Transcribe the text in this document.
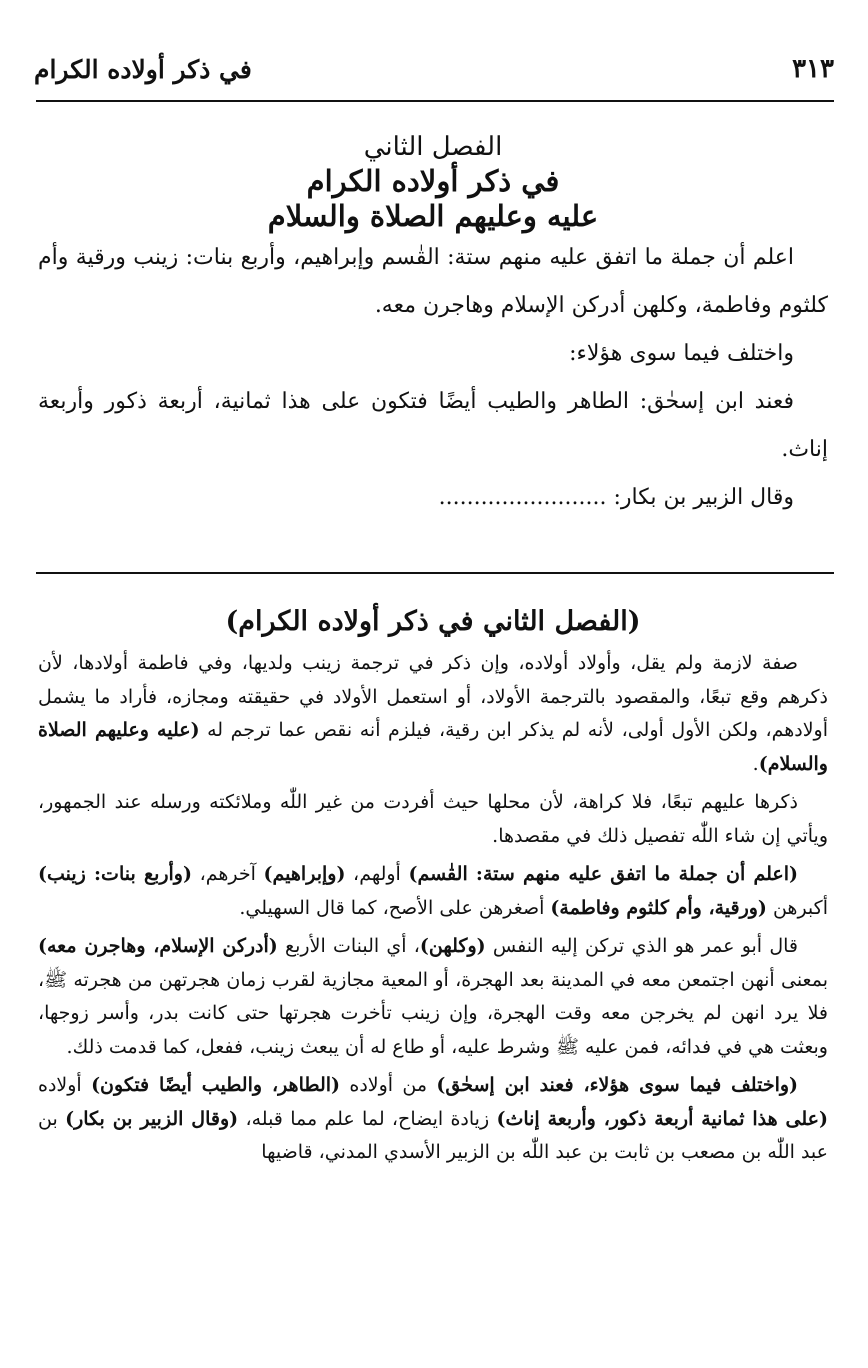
في ذكر أولاده الكرام	٣١٣
الفصل الثاني
في ذكر أولاده الكرام
عليه وعليهم الصلاة والسلام

اعلم أن جملة ما اتفق عليه منهم ستة: القٰسم وإبراهيم، وأربع بنات: زينب ورقية وأم كلثوم وفاطمة، وكلهن أدركن الإسلام وهاجرن معه.

واختلف فيما سوى هؤلاء:

فعند ابن إسحٰق: الطاهر والطيب أيضًا فتكون على هذا ثمانية، أربعة ذكور وأربعة إناث.

وقال الزبير بن بكار: ........................

(الفصل الثاني في ذكر أولاده الكرام)

صفة لازمة ولم يقل، وأولاد أولاده، وإن ذكر في ترجمة زينب ولديها، وفي فاطمة أولادها، لأن ذكرهم وقع تبعًا، والمقصود بالترجمة الأولاد، أو استعمل الأولاد في حقيقته ومجازه، فأراد ما يشمل أولادهم، ولكن الأول أولى، لأنه لم يذكر ابن رقية، فيلزم أنه نقص عما ترجم له (عليه وعليهم الصلاة والسلام).

ذكرها عليهم تبعًا، فلا كراهة، لأن محلها حيث أفردت من غير اللّٰه وملائكته ورسله عند الجمهور، ويأتي إن شاء اللّٰه تفصيل ذلك في مقصدها.

(اعلم أن جملة ما اتفق عليه منهم ستة: القٰسم) أولهم، (وإبراهيم) آخرهم، (وأربع بنات: زينب) أكبرهن (ورقية، وأم كلثوم وفاطمة) أصغرهن على الأصح، كما قال السهيلي.

قال أبو عمر هو الذي تركن إليه النفس (وكلهن)، أي البنات الأربع (أدركن الإسلام، وهاجرن معه) بمعنى أنهن اجتمعن معه في المدينة بعد الهجرة، أو المعية مجازية لقرب زمان هجرتهن من هجرته ﷺ، فلا يرد انهن لم يخرجن معه وقت الهجرة، وإن زينب تأخرت هجرتها حتى كانت بدر، وأسر زوجها، وبعثت هي في فدائه، فمن عليه ﷺ وشرط عليه، أو طاع له أن يبعث زينب، ففعل، كما قدمت ذلك.

(واختلف فيما سوى هؤلاء، فعند ابن إسحٰق) من أولاده (الطاهر، والطيب أيضًا فتكون) أولاده (على هذا ثمانية أربعة ذكور، وأربعة إناث) زيادة ايضاح، لما علم مما قبله، (وقال الزبير بن بكار) بن عبد اللّٰه بن مصعب بن ثابت بن عبد اللّٰه بن الزبير الأسدي المدني، قاضيها
